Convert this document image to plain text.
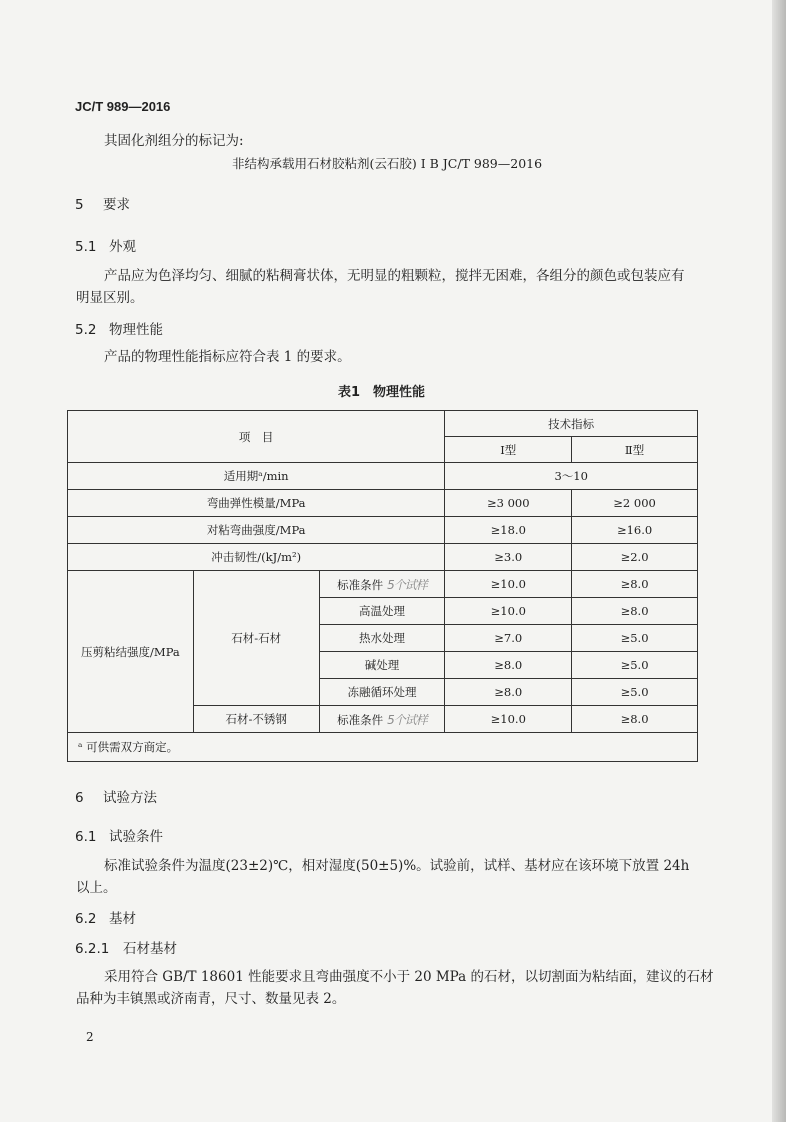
JC/T 989—2016
其固化剂组分的标记为:
非结构承载用石材胶粘剂(云石胶) Ⅰ B JC/T 989—2016
5 要求
5.1 外观
产品应为色泽均匀、细腻的粘稠膏状体，无明显的粗颗粒，搅拌无困难，各组分的颜色或包装应有
明显区别。
5.2 物理性能
产品的物理性能指标应符合表 1 的要求。
表1　物理性能
项　目			技术指标	
			Ⅰ型	Ⅱ型
适用期ᵃ/min			3～10	
弯曲弹性模量/MPa			≥3 000	≥2 000
对粘弯曲强度/MPa			≥18.0	≥16.0
冲击韧性/(kJ/m²)			≥3.0	≥2.0
压剪粘结强度/MPa	石材-石材	标准条件 5个试样	≥10.0	≥8.0
		高温处理	≥10.0	≥8.0
		热水处理	≥7.0	≥5.0
		碱处理	≥8.0	≥5.0
		冻融循环处理	≥8.0	≥5.0
	石材-不锈钢	标准条件 5个试样	≥10.0	≥8.0
ᵃ 可供需双方商定。				
6 试验方法
6.1 试验条件
标准试验条件为温度(23±2)℃，相对湿度(50±5)%。试验前，试样、基材应在该环境下放置 24h
以上。
6.2 基材
6.2.1 石材基材
采用符合 GB/T 18601 性能要求且弯曲强度不小于 20 MPa 的石材，以切割面为粘结面，建议的石材
品种为丰镇黑或济南青，尺寸、数量见表 2。
2
